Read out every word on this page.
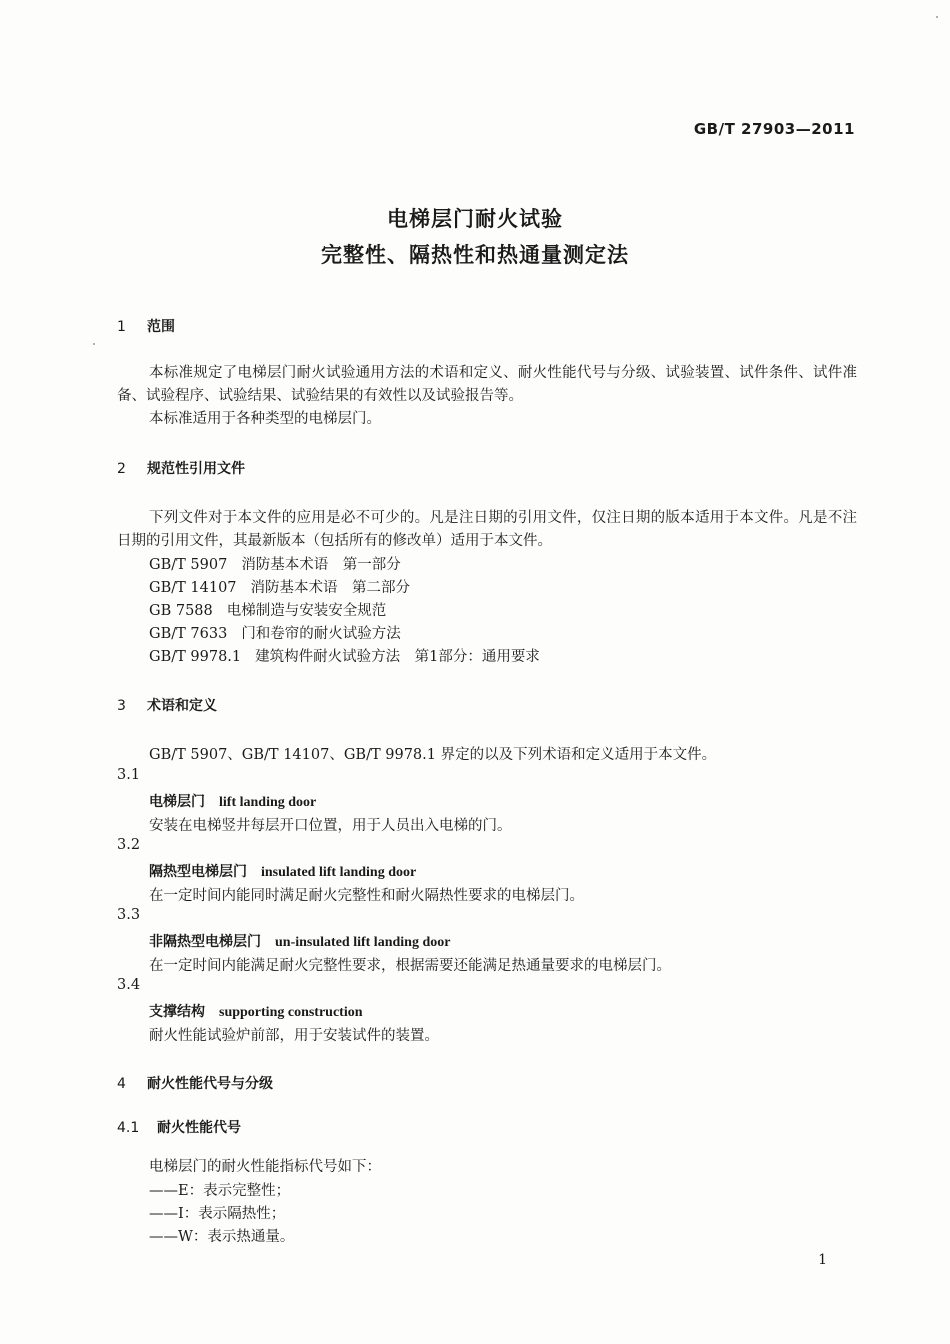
GB/T 27903—2011
电梯层门耐火试验
完整性、隔热性和热通量测定法
1 范围
本标准规定了电梯层门耐火试验通用方法的术语和定义、耐火性能代号与分级、试验装置、试件条件、试件准备、试验程序、试验结果、试验结果的有效性以及试验报告等。
本标准适用于各种类型的电梯层门。
2 规范性引用文件
下列文件对于本文件的应用是必不可少的。凡是注日期的引用文件，仅注日期的版本适用于本文件。凡是不注日期的引用文件，其最新版本（包括所有的修改单）适用于本文件。
GB/T 5907 消防基本术语　第一部分
GB/T 14107 消防基本术语　第二部分
GB 7588 电梯制造与安装安全规范
GB/T 7633 门和卷帘的耐火试验方法
GB/T 9978.1 建筑构件耐火试验方法　第1部分：通用要求
3 术语和定义
GB/T 5907、GB/T 14107、GB/T 9978.1 界定的以及下列术语和定义适用于本文件。
3.1
电梯层门 lift landing door
安装在电梯竖井每层开口位置，用于人员出入电梯的门。
3.2
隔热型电梯层门 insulated lift landing door
在一定时间内能同时满足耐火完整性和耐火隔热性要求的电梯层门。
3.3
非隔热型电梯层门 un-insulated lift landing door
在一定时间内能满足耐火完整性要求，根据需要还能满足热通量要求的电梯层门。
3.4
支撑结构 supporting construction
耐火性能试验炉前部，用于安装试件的装置。
4 耐火性能代号与分级
4.1 耐火性能代号
电梯层门的耐火性能指标代号如下：
——E：表示完整性；
——I：表示隔热性；
——W：表示热通量。
1
